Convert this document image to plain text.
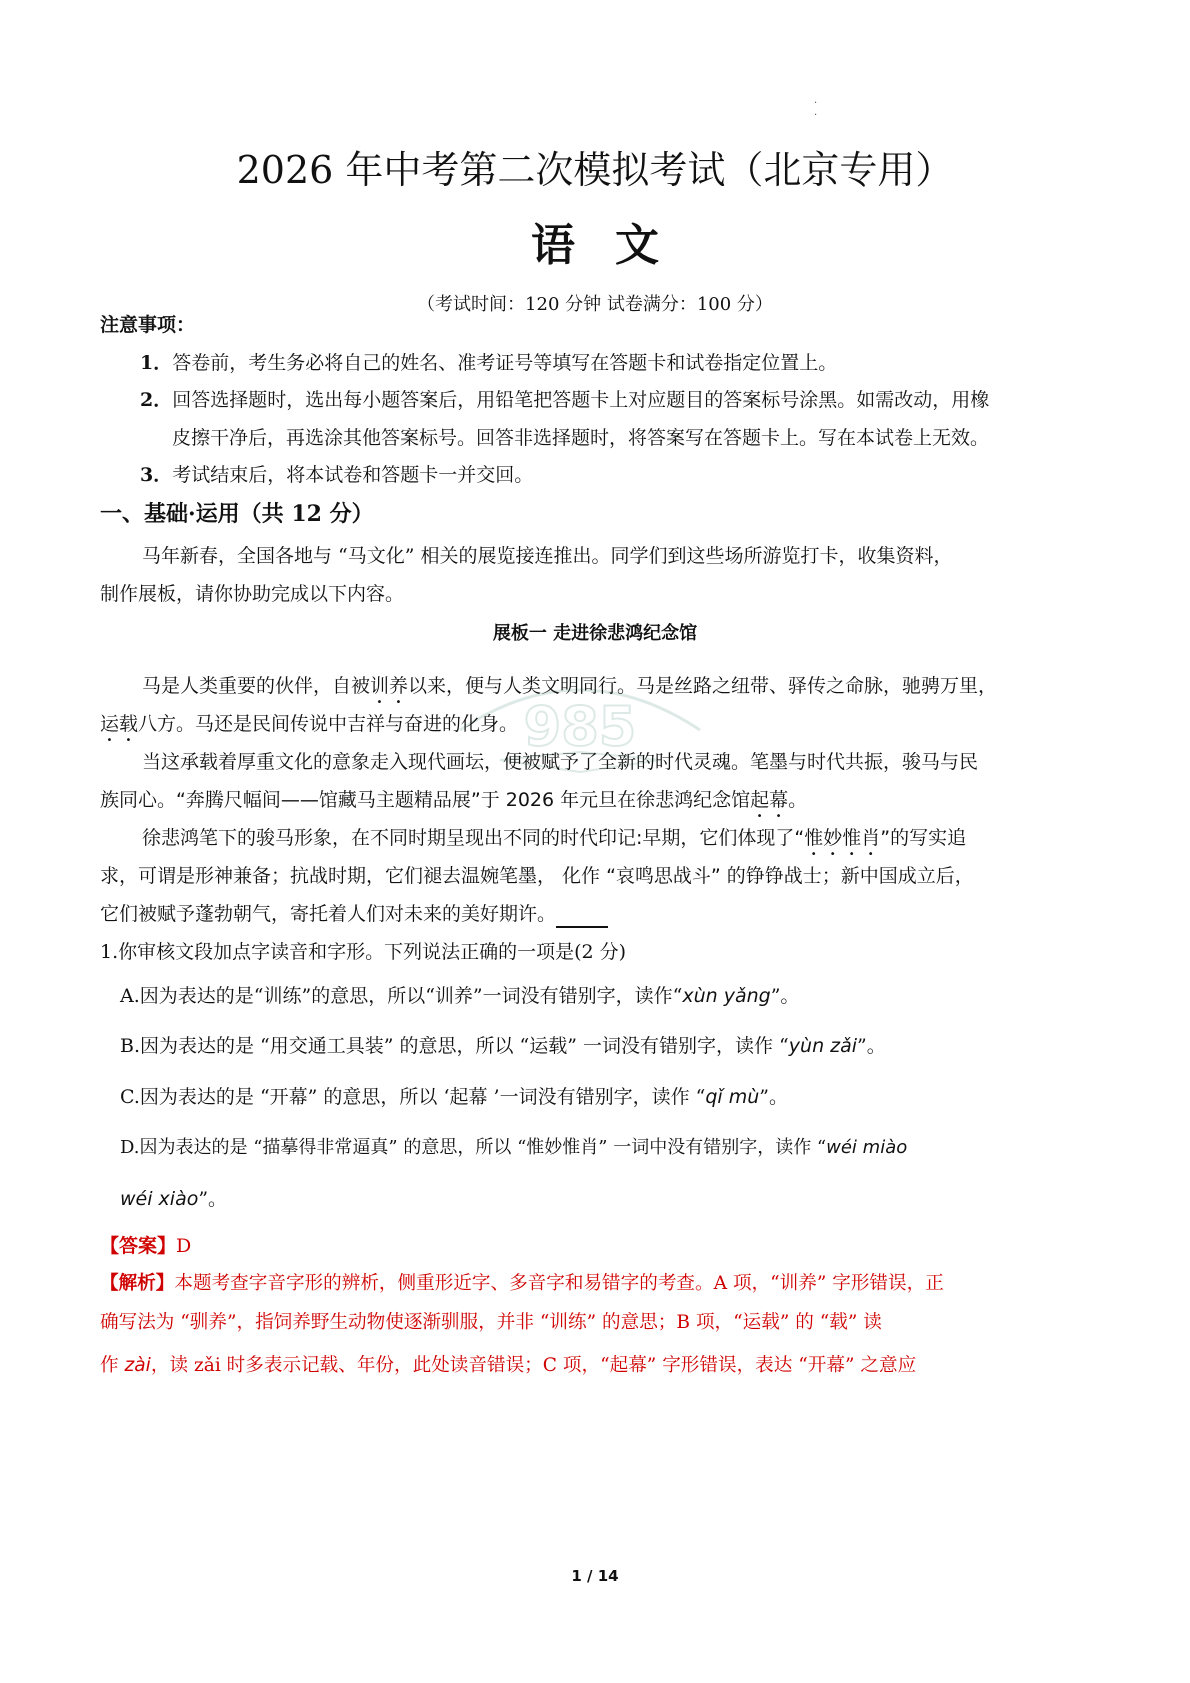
·
·
2026 年中考第二次模拟考试（北京专用）
语文
（考试时间：120 分钟 试卷满分：100 分）
注意事项：
1．答卷前，考生务必将自己的姓名、准考证号等填写在答题卡和试卷指定位置上。
2．回答选择题时，选出每小题答案后，用铅笔把答题卡上对应题目的答案标号涂黑。如需改动，用橡
皮擦干净后，再选涂其他答案标号。回答非选择题时，将答案写在答题卡上。写在本试卷上无效。
3．考试结束后，将本试卷和答题卡一并交回。
一、基础·运用（共 12 分）
马年新春，全国各地与 “马文化” 相关的展览接连推出。同学们到这些场所游览打卡，收集资料，
制作展板，请你协助完成以下内容。
展板一 走进徐悲鸿纪念馆
985
马是人类重要的伙伴，自被训养以来，便与人类文明同行。马是丝路之纽带、驿传之命脉，驰骋万里，
运载八方。马还是民间传说中吉祥与奋进的化身。
当这承载着厚重文化的意象走入现代画坛，便被赋予了全新的时代灵魂。笔墨与时代共振，骏马与民
族同心。“奔腾尺幅间——馆藏马主题精品展”于 2026 年元旦在徐悲鸿纪念馆起幕。
徐悲鸿笔下的骏马形象，在不同时期呈现出不同的时代印记:早期，它们体现了“惟妙惟肖”的写实追
求，可谓是形神兼备；抗战时期，它们褪去温婉笔墨， 化作 “哀鸣思战斗” 的铮铮战士；新中国成立后，
它们被赋予蓬勃朝气，寄托着人们对未来的美好期许。
1.你审核文段加点字读音和字形。下列说法正确的一项是(2 分)
A.因为表达的是“训练”的意思，所以“训养”一词没有错别字，读作“xùn yǎng”。
B.因为表达的是 “用交通工具装” 的意思，所以 “运载” 一词没有错别字，读作 “yùn zǎi”。
C.因为表达的是 “开幕” 的意思，所以 ‘起幕 ’一词没有错别字，读作 “qǐ mù”。
D.因为表达的是 “描摹得非常逼真” 的意思，所以 “惟妙惟肖” 一词中没有错别字，读作 “wéi miào
wéi xiào”。
【答案】D
【解析】本题考查字音字形的辨析，侧重形近字、多音字和易错字的考查。A 项，“训养” 字形错误，正
确写法为 “驯养”，指饲养野生动物使逐渐驯服，并非 “训练” 的意思；B 项，“运载” 的 “载” 读
作 zài，读 zǎi 时多表示记载、年份，此处读音错误；C 项，“起幕” 字形错误，表达 “开幕” 之意应
1 / 14
